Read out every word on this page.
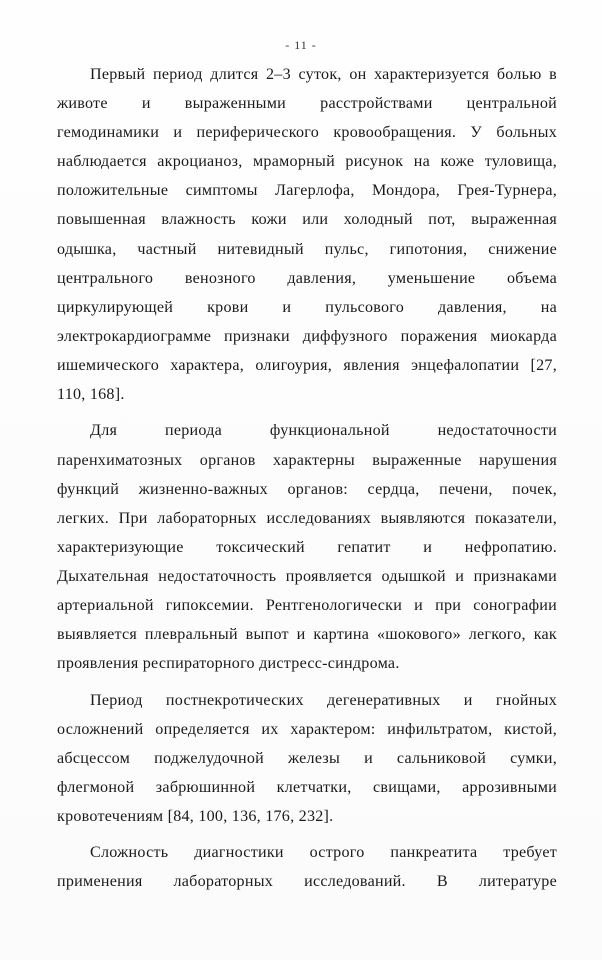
- 11 -
Первый период длится 2–3 суток, он характеризуется болью в
животе и выраженными расстройствами центральной
гемодинамики и периферического кровообращения. У больных
наблюдается акроцианоз, мраморный рисунок на коже туловища,
положительные симптомы Лагерлофа, Мондора, Грея-Турнера,
повышенная влажность кожи или холодный пот, выраженная
одышка, частный нитевидный пульс, гипотония, снижение
центрального венозного давления, уменьшение объема
циркулирующей крови и пульсового давления, на
электрокардиограмме признаки диффузного поражения миокарда
ишемического характера, олигоурия, явления энцефалопатии [27,
110, 168].
Для периода функциональной недостаточности
паренхиматозных органов характерны выраженные нарушения
функций жизненно-важных органов: сердца, печени, почек,
легких. При лабораторных исследованиях выявляются показатели,
характеризующие токсический гепатит и нефропатию.
Дыхательная недостаточность проявляется одышкой и признаками
артериальной гипоксемии. Рентгенологически и при сонографии
выявляется плевральный выпот и картина «шокового» легкого, как
проявления респираторного дистресс-синдрома.
Период постнекротических дегенеративных и гнойных
осложнений определяется их характером: инфильтратом, кистой,
абсцессом поджелудочной железы и сальниковой сумки,
флегмоной забрюшинной клетчатки, свищами, аррозивными
кровотечениям [84, 100, 136, 176, 232].
Сложность диагностики острого панкреатита требует
применения лабораторных исследований. В литературе
